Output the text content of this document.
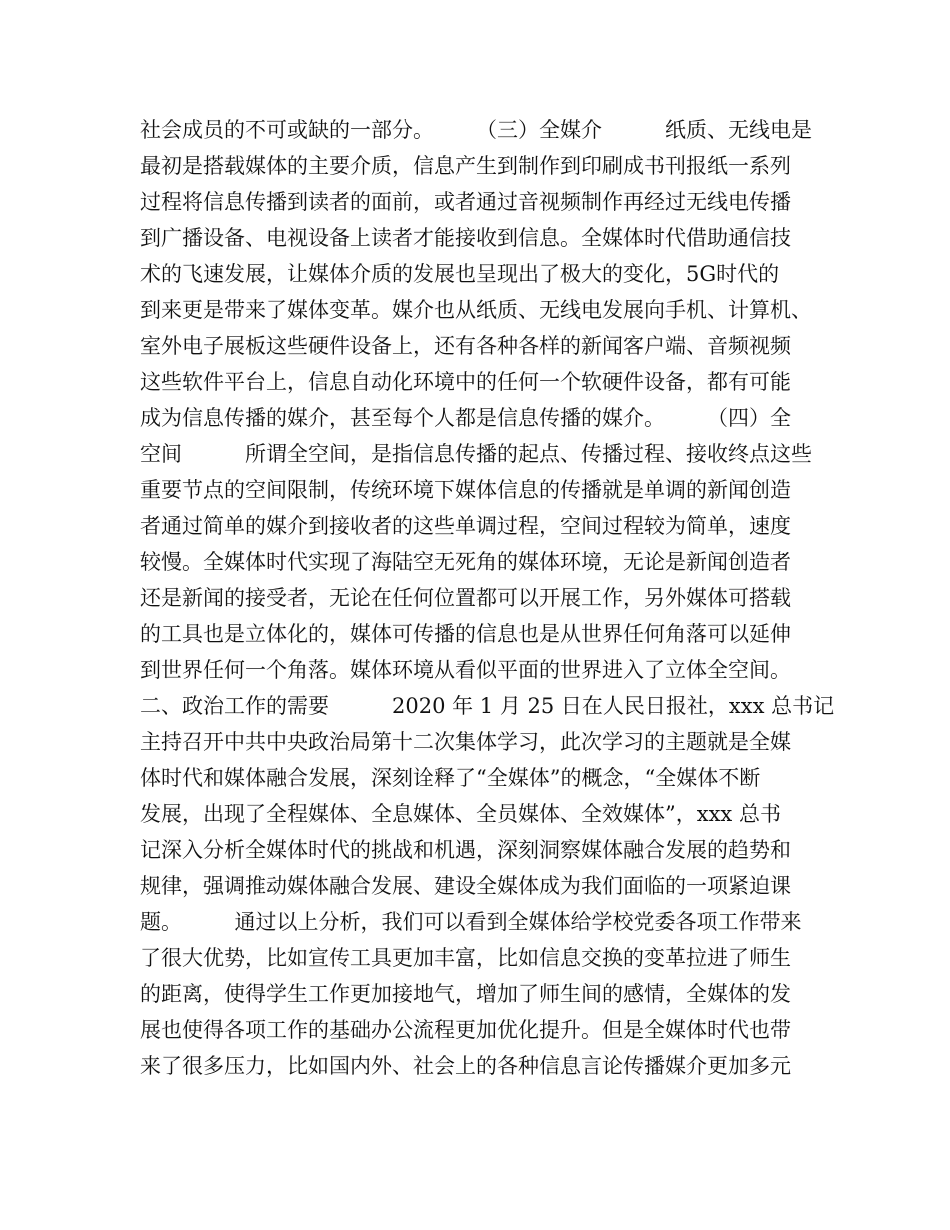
社会成员的不可或缺的一部分。　　　（三）全媒介　　　纸质、无线电是
最初是搭载媒体的主要介质，信息产生到制作到印刷成书刊报纸一系列
过程将信息传播到读者的面前，或者通过音视频制作再经过无线电传播
到广播设备、电视设备上读者才能接收到信息。全媒体时代借助通信技
术的飞速发展，让媒体介质的发展也呈现出了极大的变化，5G时代的
到来更是带来了媒体变革。媒介也从纸质、无线电发展向手机、计算机、
室外电子展板这些硬件设备上，还有各种各样的新闻客户端、音频视频
这些软件平台上，信息自动化环境中的任何一个软硬件设备，都有可能
成为信息传播的媒介，甚至每个人都是信息传播的媒介。　　　（四）全
空间　　　所谓全空间，是指信息传播的起点、传播过程、接收终点这些
重要节点的空间限制，传统环境下媒体信息的传播就是单调的新闻创造
者通过简单的媒介到接收者的这些单调过程，空间过程较为简单，速度
较慢。全媒体时代实现了海陆空无死角的媒体环境，无论是新闻创造者
还是新闻的接受者，无论在任何位置都可以开展工作，另外媒体可搭载
的工具也是立体化的，媒体可传播的信息也是从世界任何角落可以延伸
到世界任何一个角落。媒体环境从看似平面的世界进入了立体全空间。
二、政治工作的需要　　　2020 年 1 月 25 日在人民日报社，xxx 总书记
主持召开中共中央政治局第十二次集体学习，此次学习的主题就是全媒
体时代和媒体融合发展，深刻诠释了“全媒体”的概念，“全媒体不断
发展，出现了全程媒体、全息媒体、全员媒体、全效媒体”，xxx 总书
记深入分析全媒体时代的挑战和机遇，深刻洞察媒体融合发展的趋势和
规律，强调推动媒体融合发展、建设全媒体成为我们面临的一项紧迫课
题。　　　通过以上分析，我们可以看到全媒体给学校党委各项工作带来
了很大优势，比如宣传工具更加丰富，比如信息交换的变革拉进了师生
的距离，使得学生工作更加接地气，增加了师生间的感情，全媒体的发
展也使得各项工作的基础办公流程更加优化提升。但是全媒体时代也带
来了很多压力，比如国内外、社会上的各种信息言论传播媒介更加多元
